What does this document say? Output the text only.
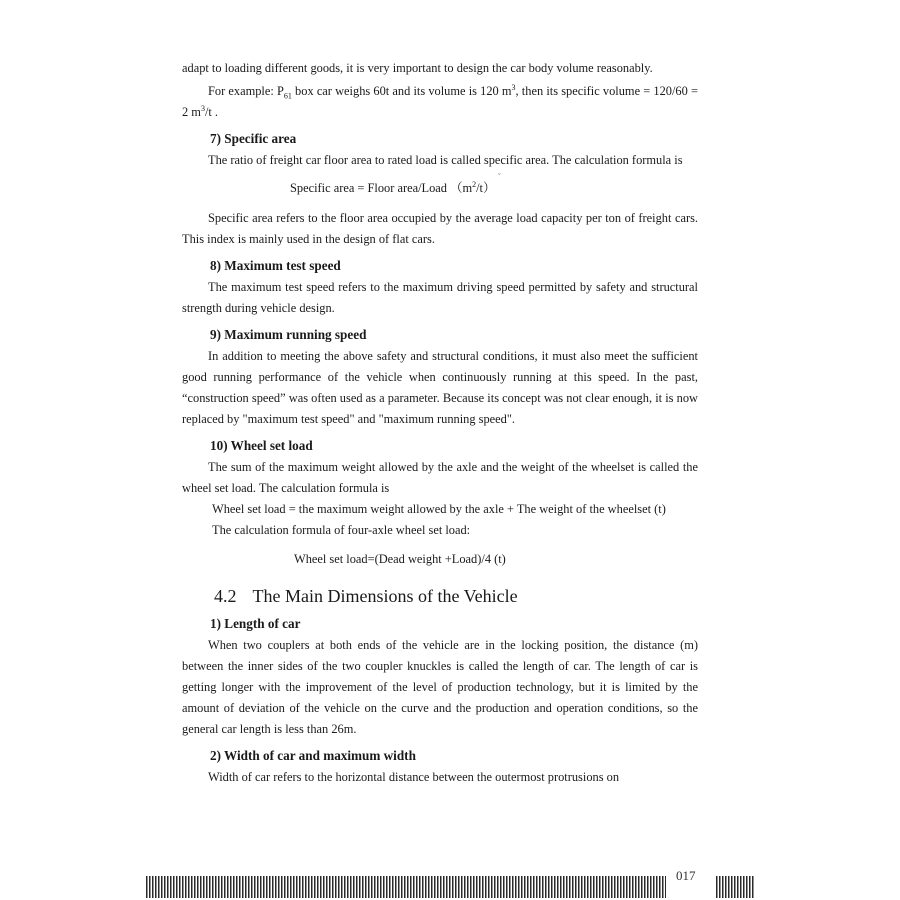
adapt to loading different goods, it is very important to design the car body volume reasonably.

For example: $P_{61}$ box car weighs 60t and its volume is 120 $m^3$, then its specific volume = 120/60 = 2 $m^3/t$ .

7) Specific area

The ratio of freight car floor area to rated load is called specific area. The calculation formula is

Specific area = Floor area/Load $(m^2/t)$

Specific area refers to the floor area occupied by the average load capacity per ton of freight cars. This index is mainly used in the design of flat cars.

8) Maximum test speed

The maximum test speed refers to the maximum driving speed permitted by safety and structural strength during vehicle design.

9) Maximum running speed

In addition to meeting the above safety and structural conditions, it must also meet the sufficient good running performance of the vehicle when continuously running at this speed. In the past, “construction speed” was often used as a parameter. Because its concept was not clear enough, it is now replaced by "maximum test speed" and "maximum running speed".

10) Wheel set load

The sum of the maximum weight allowed by the axle and the weight of the wheelset is called the wheel set load. The calculation formula is

Wheel set load = the maximum weight allowed by the axle + The weight of the wheelset (t)

The calculation formula of four-axle wheel set load:

Wheel set load=(Dead weight +Load)/4 (t)

4.2 The Main Dimensions of the Vehicle
1) Length of car

When two couplers at both ends of the vehicle are in the locking position, the distance (m) between the inner sides of the two coupler knuckles is called the length of car. The length of car is getting longer with the improvement of the level of production technology, but it is limited by the amount of deviation of the vehicle on the curve and the production and operation conditions, so the general car length is less than 26m.

2) Width of car and maximum width

Width of car refers to the horizontal distance between the outermost protrusions on

ˇ
017
